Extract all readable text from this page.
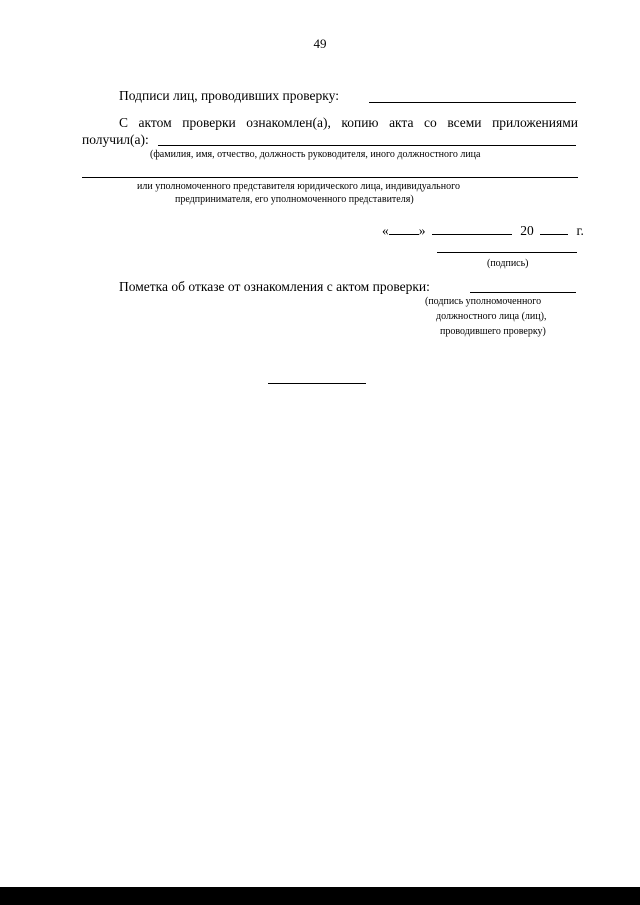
49
Подписи лиц, проводивших проверку:
С актом проверки ознакомлен(а), копию акта со всеми приложениями получил(а):
(фамилия, имя, отчество, должность руководителя, иного должностного лица
или уполномоченного представителя юридического лица, индивидуального
предпринимателя, его уполномоченного представителя)
« »	20	г.
(подпись)
Пометка об отказе от ознакомления с актом проверки:
(подпись уполномоченного
должностного лица (лиц),
проводившего проверку)
